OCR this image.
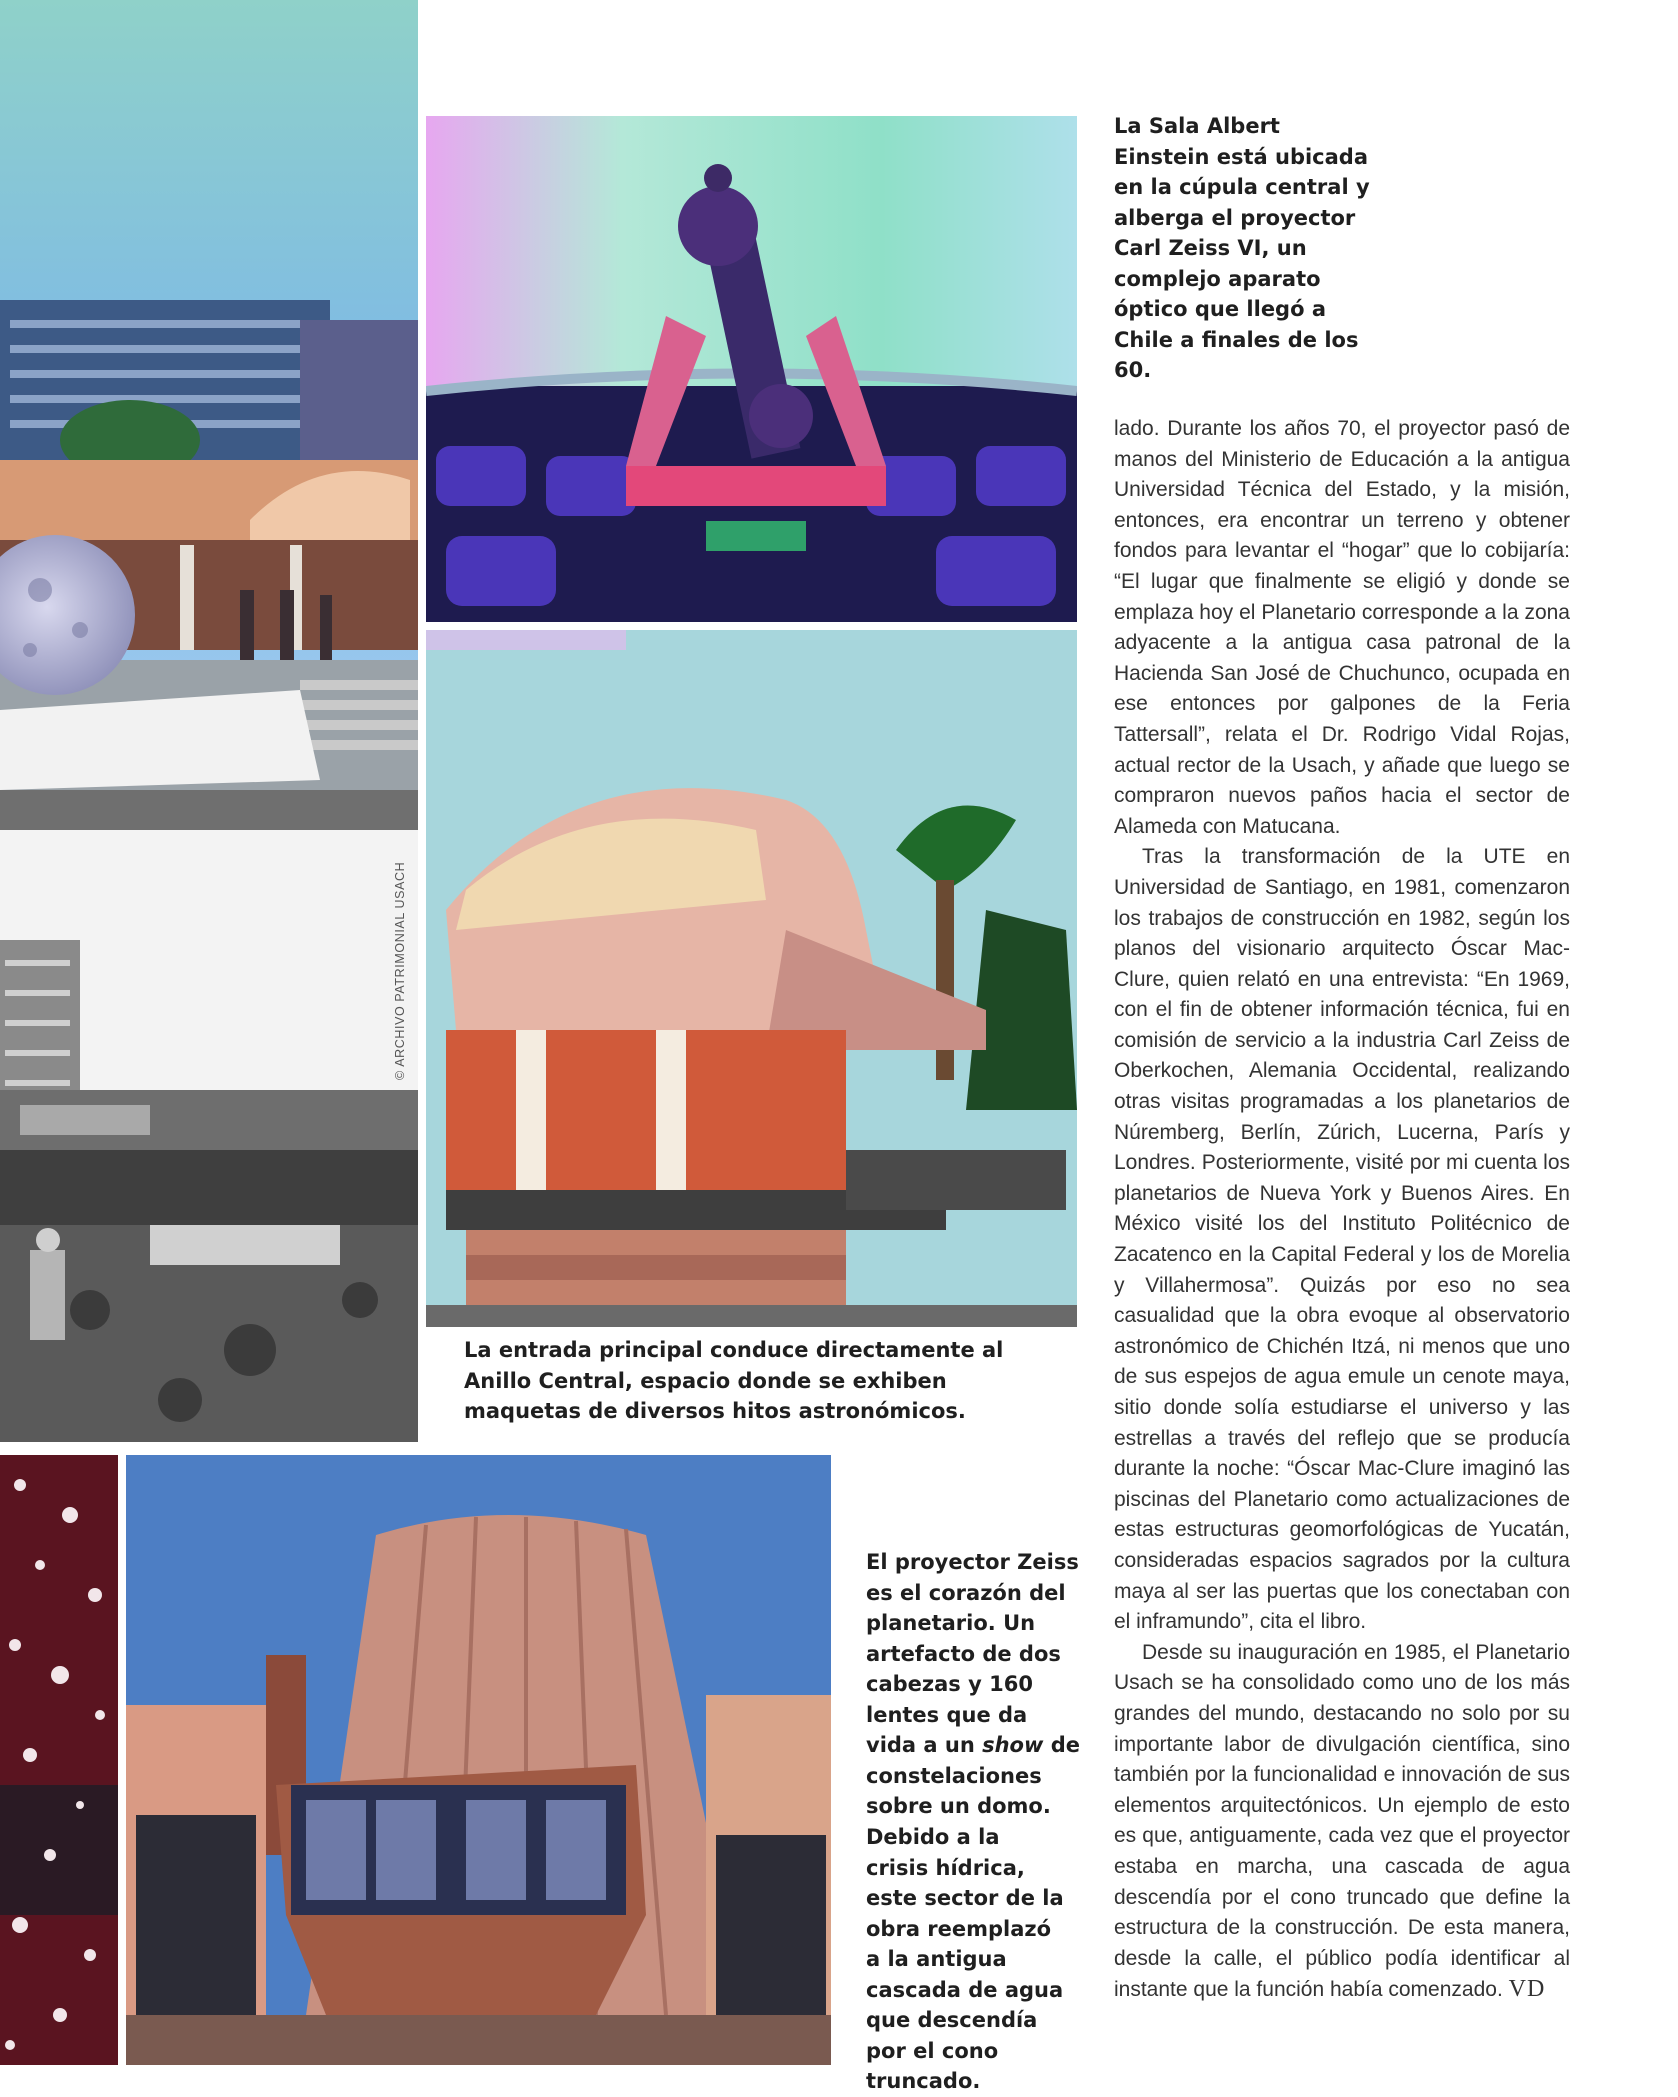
© ARCHIVO PATRIMONIAL USACH

La Sala Albert Einstein está ubicada en la cúpula central y alberga el proyector Carl Zeiss VI, un complejo aparato óptico que llegó a Chile a finales de los 60.

La entrada principal conduce directamente al Anillo Central, espacio donde se exhiben maquetas de diversos hitos astronómicos.

El proyector Zeiss es el corazón del planetario. Un artefacto de dos cabezas y 160 lentes que da vida a un show de constelaciones sobre un domo.

Debido a la crisis hídrica, este sector de la obra reemplazó a la antigua cascada de agua que descendía por el cono truncado.

lado. Durante los años 70, el proyector pasó de manos del Ministerio de Educación a la antigua Universidad Técnica del Estado, y la misión, entonces, era encontrar un terreno y obtener fondos para levantar el “hogar” que lo cobijaría: “El lugar que finalmente se eligió y donde se emplaza hoy el Planetario corresponde a la zona adyacente a la antigua casa patronal de la Hacienda San José de Chuchunco, ocupada en ese entonces por galpones de la Feria Tattersall”, relata el Dr. Rodrigo Vidal Rojas, actual rector de la Usach, y añade que luego se compraron nuevos paños hacia el sector de Alameda con Matucana.

Tras la transformación de la UTE en Universidad de Santiago, en 1981, comenzaron los trabajos de construcción en 1982, según los planos del visionario arquitecto Óscar Mac-Clure, quien relató en una entrevista: “En 1969, con el fin de obtener información técnica, fui en comisión de servicio a la industria Carl Zeiss de Oberkochen, Alemania Occidental, realizando otras visitas programadas a los planetarios de Núremberg, Berlín, Zúrich, Lucerna, París y Londres. Posteriormente, visité por mi cuenta los planetarios de Nueva York y Buenos Aires. En México visité los del Instituto Politécnico de Zacatenco en la Capital Federal y los de Morelia y Villahermosa”. Quizás por eso no sea casualidad que la obra evoque al observatorio astronómico de Chichén Itzá, ni menos que uno de sus espejos de agua emule un cenote maya, sitio donde solía estudiarse el universo y las estrellas a través del reflejo que se producía durante la noche: “Óscar Mac-Clure imaginó las piscinas del Planetario como actualizaciones de estas estructuras geomorfológicas de Yucatán, consideradas espacios sagrados por la cultura maya al ser las puertas que los conectaban con el inframundo”, cita el libro.

Desde su inauguración en 1985, el Planetario Usach se ha consolidado como uno de los más grandes del mundo, destacando no solo por su importante labor de divulgación científica, sino también por la funcionalidad e innovación de sus elementos arquitectónicos. Un ejemplo de esto es que, antiguamente, cada vez que el proyector estaba en marcha, una cascada de agua descendía por el cono truncado que define la estructura de la construcción. De esta manera, desde la calle, el público podía identificar al instante que la función había comenzado. VD
